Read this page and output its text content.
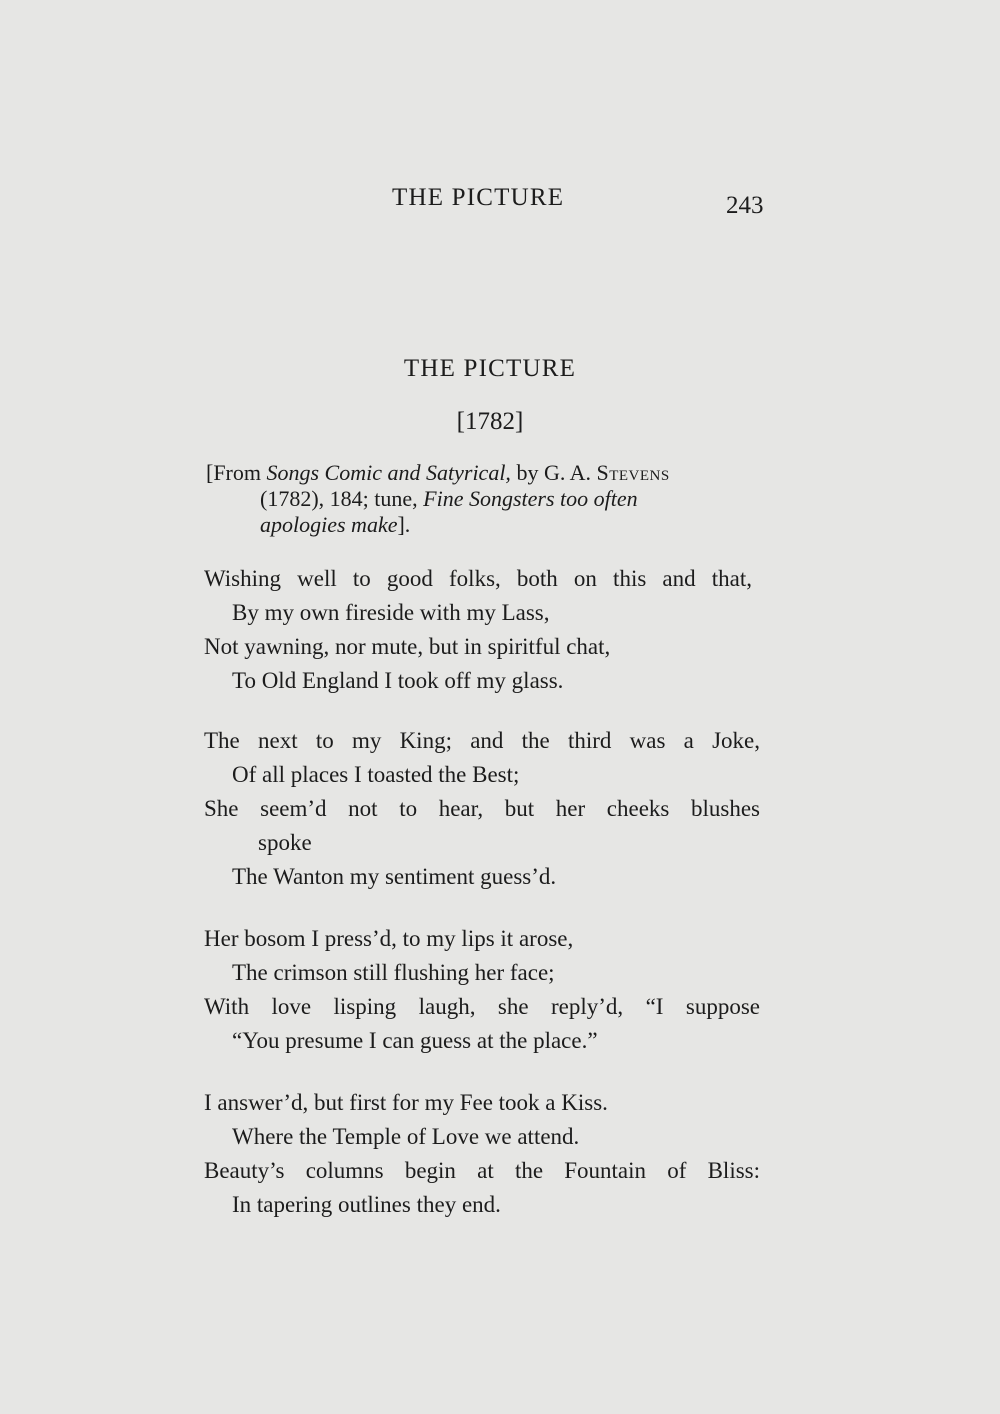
THE PICTURE	243
THE PICTURE
[1782]
[From Songs Comic and Satyrical, by G. A. Stevens
(1782), 184; tune, Fine Songsters too often
apologies make].
Wishing well to good folks, both on this and that,
By my own fireside with my Lass,
Not yawning, nor mute, but in spiritful chat,
To Old England I took off my glass.
The next to my King; and the third was a Joke,
Of all places I toasted the Best;
She seem’d not to hear, but her cheeks blushes
spoke
The Wanton my sentiment guess’d.
Her bosom I press’d, to my lips it arose,
The crimson still flushing her face;
With love lisping laugh, she reply’d, “I suppose
“You presume I can guess at the place.”
I answer’d, but first for my Fee took a Kiss.
Where the Temple of Love we attend.
Beauty’s columns begin at the Fountain of Bliss:
In tapering outlines they end.
